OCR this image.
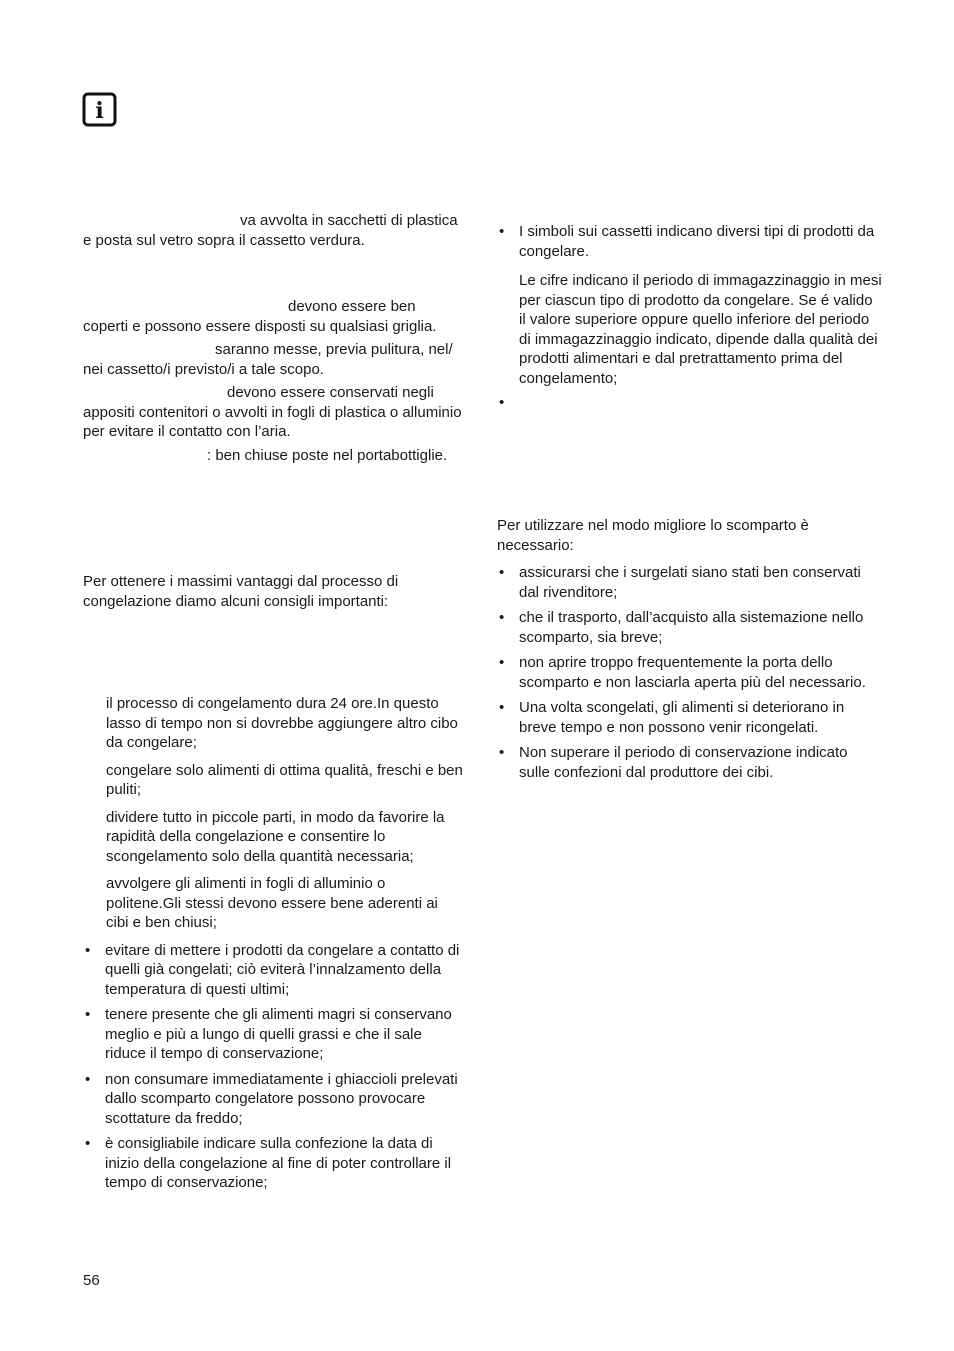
i

va avvolta in sacchetti di plastica e posta sul vetro sopra il cassetto verdura.

devono essere ben coperti e possono essere disposti su qualsiasi griglia.

saranno messe, previa pulitura, nel/ nei cassetto/i previsto/i a tale scopo.

devono essere conservati negli appositi contenitori o avvolti in fogli di plastica o alluminio per evitare il contatto con l’aria.

: ben chiuse poste nel portabottiglie.

Per ottenere i massimi vantaggi dal processo di congelazione diamo alcuni consigli importanti:

il processo di congelamento dura 24 ore.In questo lasso di tempo non si dovrebbe aggiungere altro cibo da congelare;

congelare solo alimenti di ottima qualità, freschi e ben puliti;

dividere tutto in piccole parti, in modo da favorire la rapidità della congelazione e consentire lo scongelamento solo della quantità necessaria;

avvolgere gli alimenti in fogli di alluminio o politene.Gli stessi devono essere bene aderenti ai cibi e ben chiusi;

• evitare di mettere i prodotti da congelare a contatto di quelli già congelati; ciò eviterà l’innalzamento della temperatura di questi ultimi;
• tenere presente che gli alimenti magri si conservano meglio e più a lungo di quelli grassi e che il sale riduce il tempo di conservazione;
• non consumare immediatamente i ghiaccioli prelevati dallo scomparto congelatore possono provocare scottature da freddo;
• è consigliabile indicare sulla confezione la data di inizio della congelazione al fine di poter controllare il tempo di conservazione;
• I simboli sui cassetti indicano diversi tipi di prodotti da congelare.

Le cifre indicano il periodo di immagazzinaggio in mesi per ciascun tipo di prodotto da congelare. Se é valido il valore superiore oppure quello inferiore del periodo di immagazzinaggio indicato, dipende dalla qualità dei prodotti alimentari e dal pretrattamento prima del congelamento;

•

Per utilizzare nel modo migliore lo scomparto è necessario:

• assicurarsi che i surgelati siano stati ben conservati dal rivenditore;
• che il trasporto, dall’acquisto alla sistemazione nello scomparto, sia breve;
• non aprire troppo frequentemente la porta dello scomparto e non lasciarla aperta più del necessario.
• Una volta scongelati, gli alimenti si deteriorano in breve tempo e non possono venir ricongelati.
• Non superare il periodo di conservazione indicato sulle confezioni dal produttore dei cibi.
56
